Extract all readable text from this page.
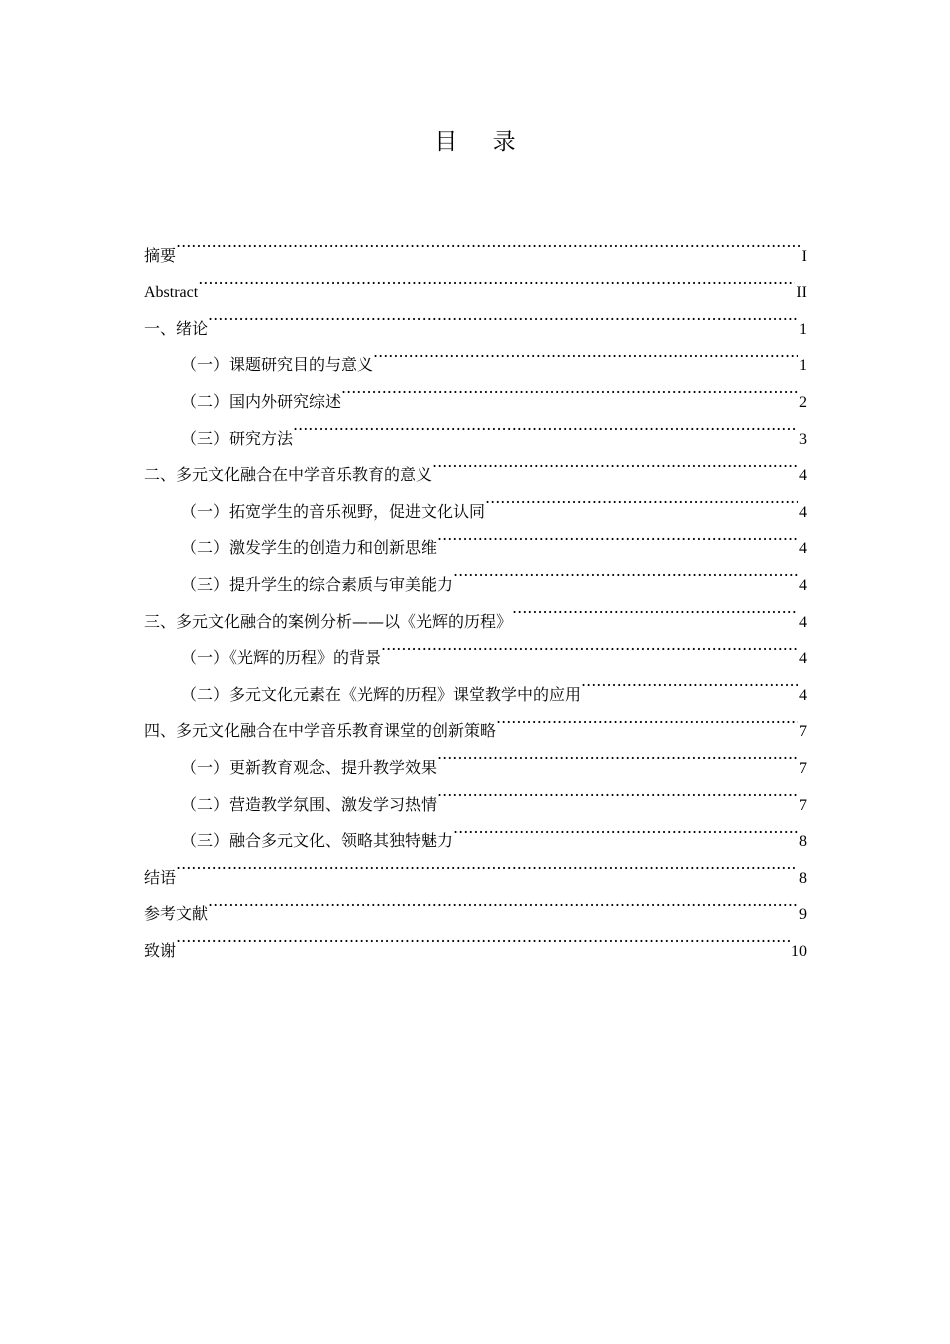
目 录
摘要 .....	I
Abstract .....	II
一、绪论 .....	1
（一）课题研究目的与意义 .....	1
（二）国内外研究综述 .....	2
（三）研究方法 .....	3
二、多元文化融合在中学音乐教育的意义 .....	4
（一）拓宽学生的音乐视野，促进文化认同 .....	4
（二）激发学生的创造力和创新思维 .....	4
（三）提升学生的综合素质与审美能力 .....	4
三、多元文化融合的案例分析——以《光辉的历程》 .....	4
（一）《光辉的历程》的背景 .....	4
（二）多元文化元素在《光辉的历程》课堂教学中的应用 .....	4
四、多元文化融合在中学音乐教育课堂的创新策略 .....	7
（一）更新教育观念、提升教学效果 .....	7
（二）营造教学氛围、激发学习热情 .....	7
（三）融合多元文化、领略其独特魅力 .....	8
结语 .....	8
参考文献 .....	9
致谢 .....	10
